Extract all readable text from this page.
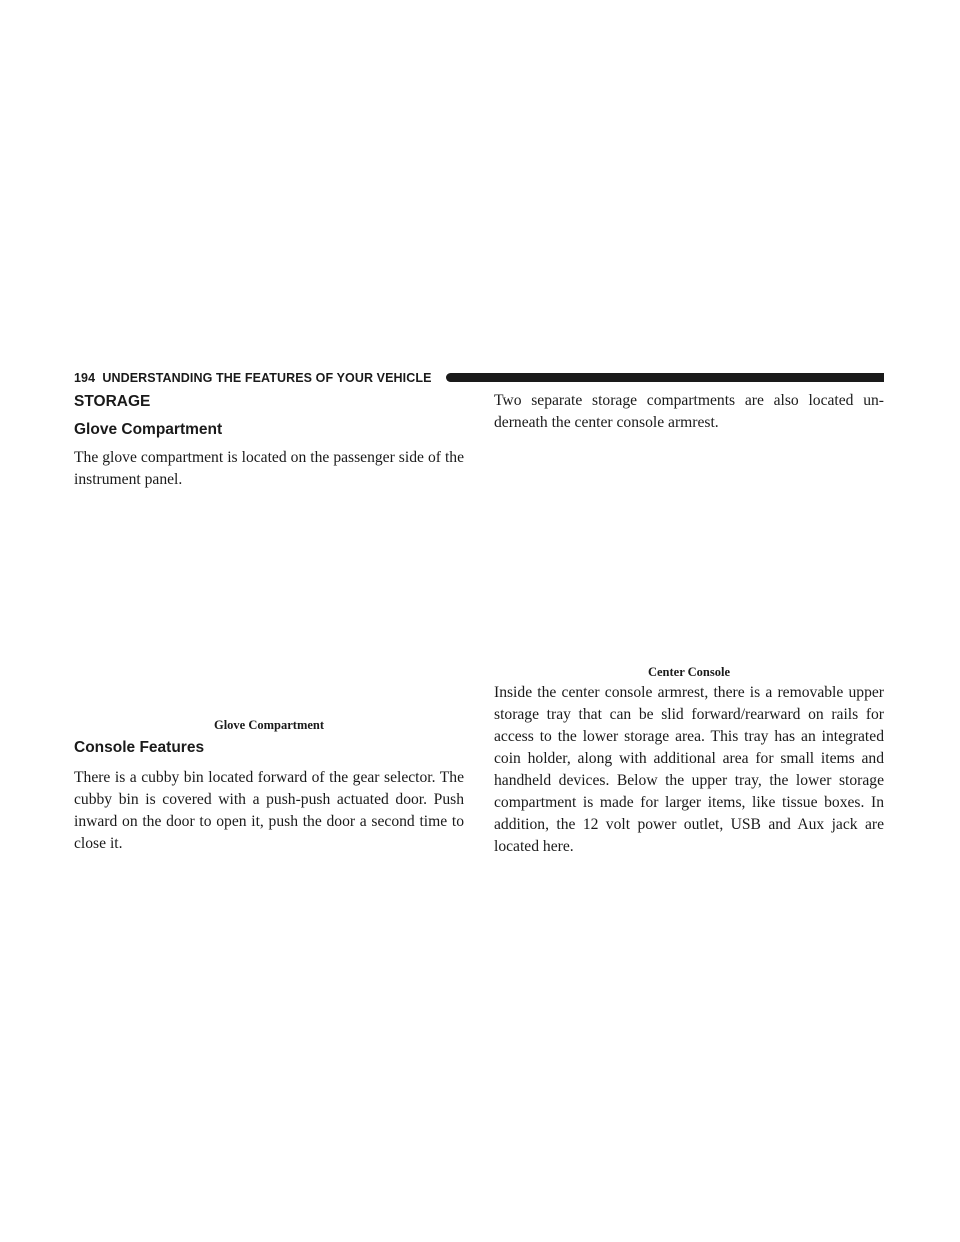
194 UNDERSTANDING THE FEATURES OF YOUR VEHICLE
STORAGE
Glove Compartment

The glove compartment is located on the passenger side of the instrument panel.

Glove Compartment

Console Features

There is a cubby bin located forward of the gear selector. The cubby bin is covered with a push-push actuated door. Push inward on the door to open it, push the door a second time to close it.

Two separate storage compartments are also located un-derneath the center console armrest.

Center Console

Inside the center console armrest, there is a removable upper storage tray that can be slid forward/rearward on rails for access to the lower storage area. This tray has an integrated coin holder, along with additional area for small items and handheld devices. Below the upper tray, the lower storage compartment is made for larger items, like tissue boxes. In addition, the 12 volt power outlet, USB and Aux jack are located here.
